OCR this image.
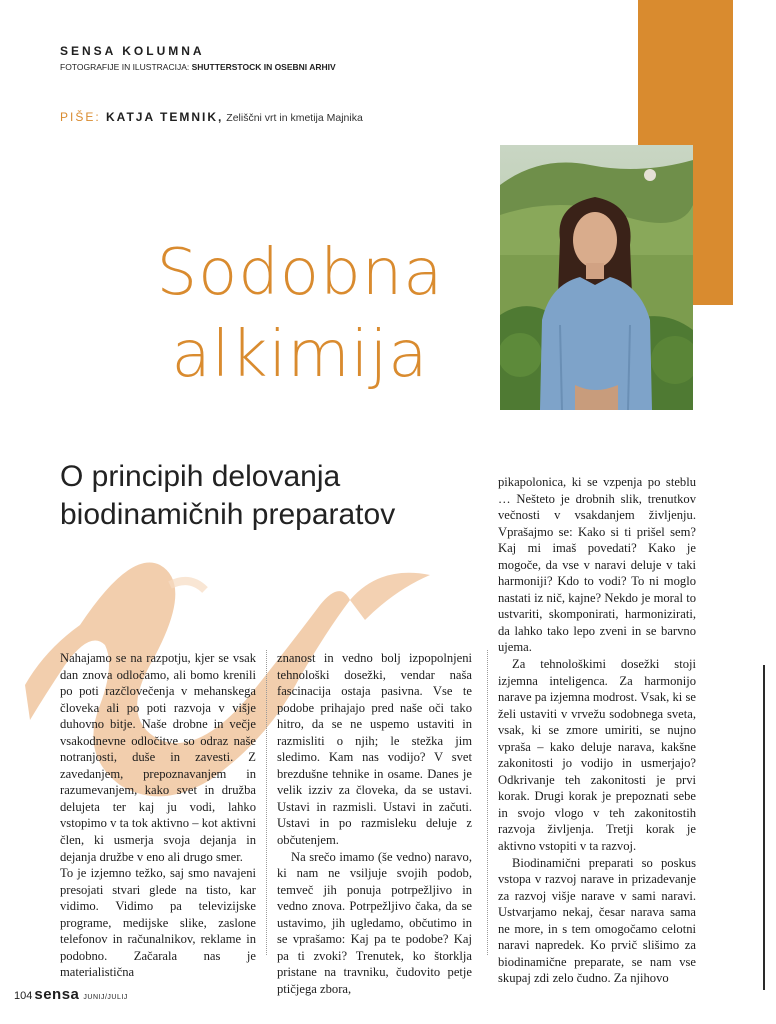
SENSA KOLUMNA
FOTOGRAFIJE IN ILUSTRACIJA: SHUTTERSTOCK IN OSEBNI ARHIV
PIŠE: KATJA TEMNIK, Zeliščni vrt in kmetija Majnika
Sodobna
alkimija
O principih delovanja
biodinamičnih preparatov

Nahajamo se na razpotju, kjer se vsak dan znova odločamo, ali bomo krenili po poti razčlovečenja v mehanskega človeka ali po poti razvoja v višje duhovno bitje. Naše drobne in večje vsakodnevne odločitve so odraz naše notranjosti, duše in zavesti. Z zavedanjem, prepoznavanjem in razumevanjem, kako svet in družba delujeta ter kaj ju vodi, lahko vstopimo v ta tok aktivno – kot aktivni člen, ki usmerja svoja dejanja in dejanja družbe v eno ali drugo smer.

To je izjemno težko, saj smo navajeni presojati stvari glede na tisto, kar vidimo. Vidimo pa televizijske programe, medijske slike, zaslone telefonov in računalnikov, reklame in podobno. Začarala nas je materialistična

znanost in vedno bolj izpopolnjeni tehnološki dosežki, vendar naša fascinacija ostaja pasivna. Vse te podobe prihajajo pred naše oči tako hitro, da se ne uspemo ustaviti in razmisliti o njih; le stežka jim sledimo. Kam nas vodijo? V svet brezdušne tehnike in osame. Danes je velik izziv za človeka, da se ustavi. Ustavi in razmisli. Ustavi in začuti. Ustavi in po razmisleku deluje z občutenjem.

Na srečo imamo (še vedno) naravo, ki nam ne vsiljuje svojih podob, temveč jih ponuja potrpežljivo in vedno znova. Potrpežljivo čaka, da se ustavimo, jih ugledamo, občutimo in se vprašamo: Kaj pa te podobe? Kaj pa ti zvoki? Trenutek, ko štorklja pristane na travniku, čudovito petje ptičjega zbora,

pikapolonica, ki se vzpenja po steblu … Nešteto je drobnih slik, trenutkov večnosti v vsakdanjem življenju. Vprašajmo se: Kako si ti prišel sem? Kaj mi imaš povedati? Kako je mogoče, da vse v naravi deluje v taki harmoniji? Kdo to vodi? To ni moglo nastati iz nič, kajne? Nekdo je moral to ustvariti, skomponirati, harmonizirati, da lahko tako lepo zveni in se barvno ujema.

Za tehnološkimi dosežki stoji izjemna inteligenca. Za harmonijo narave pa izjemna modrost. Vsak, ki se želi ustaviti v vrvežu sodobnega sveta, vsak, ki se zmore umiriti, se nujno vpraša – kako deluje narava, kakšne zakonitosti jo vodijo in usmerjajo? Odkrivanje teh zakonitosti je prvi korak. Drugi korak je prepoznati sebe in svojo vlogo v teh zakonitostih razvoja življenja. Tretji korak je aktivno vstopiti v ta razvoj.

Biodinamični preparati so poskus vstopa v razvoj narave in prizadevanje za razvoj višje narave v sami naravi. Ustvarjamo nekaj, česar narava sama ne more, in s tem omogočamo celotni naravi napredek. Ko prvič slišimo za biodinamične preparate, se nam vse skupaj zdi zelo čudno. Za njihovo

104 sensa JUNIJ/JULIJ
